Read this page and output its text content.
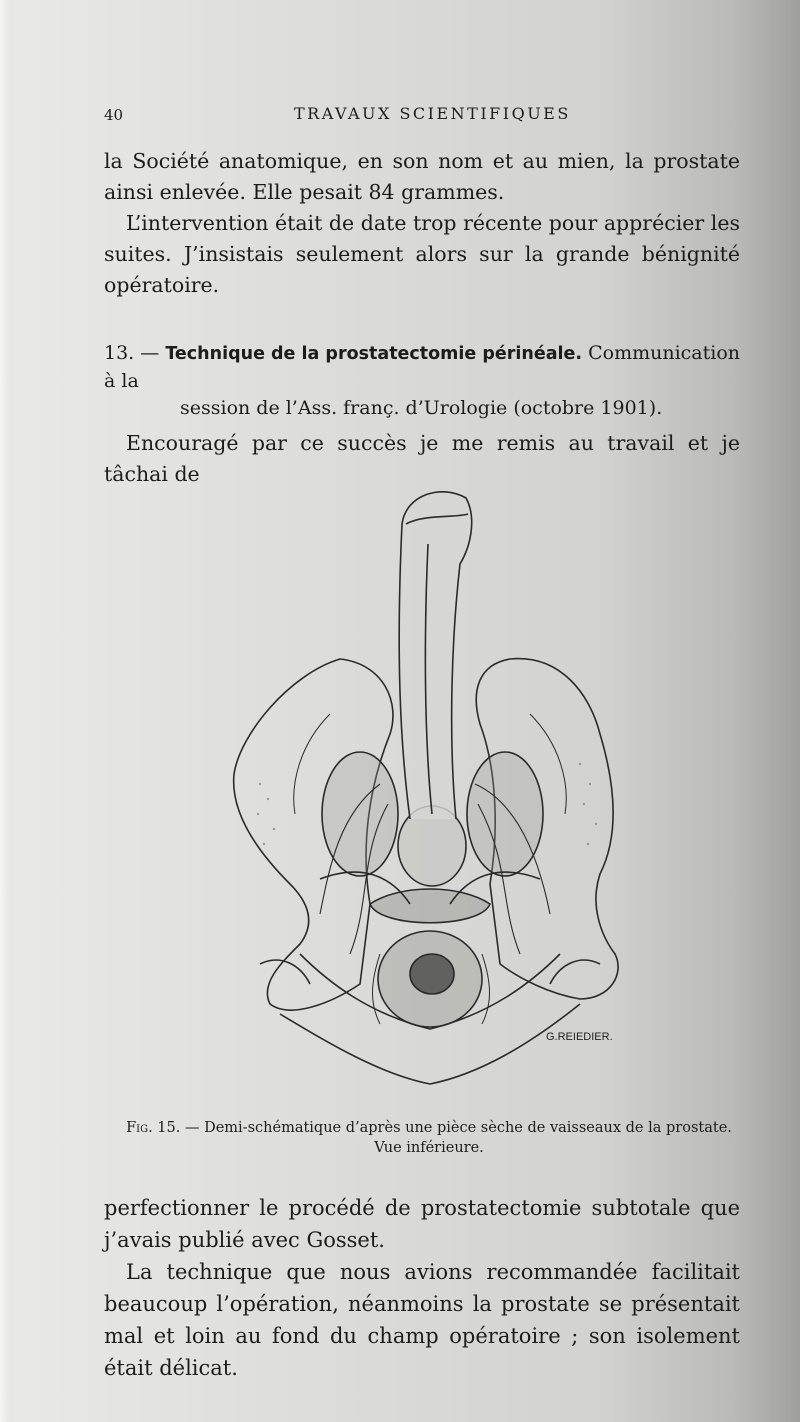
40	TRAVAUX SCIENTIFIQUES

la Société anatomique, en son nom et au mien, la prostate ainsi enlevée. Elle pesait 84 grammes.

L’intervention était de date trop récente pour apprécier les suites. J’insistais seulement alors sur la grande bénignité opératoire.

13. — Technique de la prostatectomie périnéale. Communication à la
session de l’Ass. franç. d’Urologie (octobre 1901).

Encouragé par ce succès je me remis au travail et je tâchai de

G.REIEDIER.
Fig. 15. — Demi-schématique d’après une pièce sèche de vaisseaux de la prostate.
Vue inférieure.

perfectionner le procédé de prostatectomie subtotale que j’avais publié avec Gosset.

La technique que nous avions recommandée facilitait beaucoup l’opération, néanmoins la prostate se présentait mal et loin au fond du champ opératoire ; son isolement était délicat.
